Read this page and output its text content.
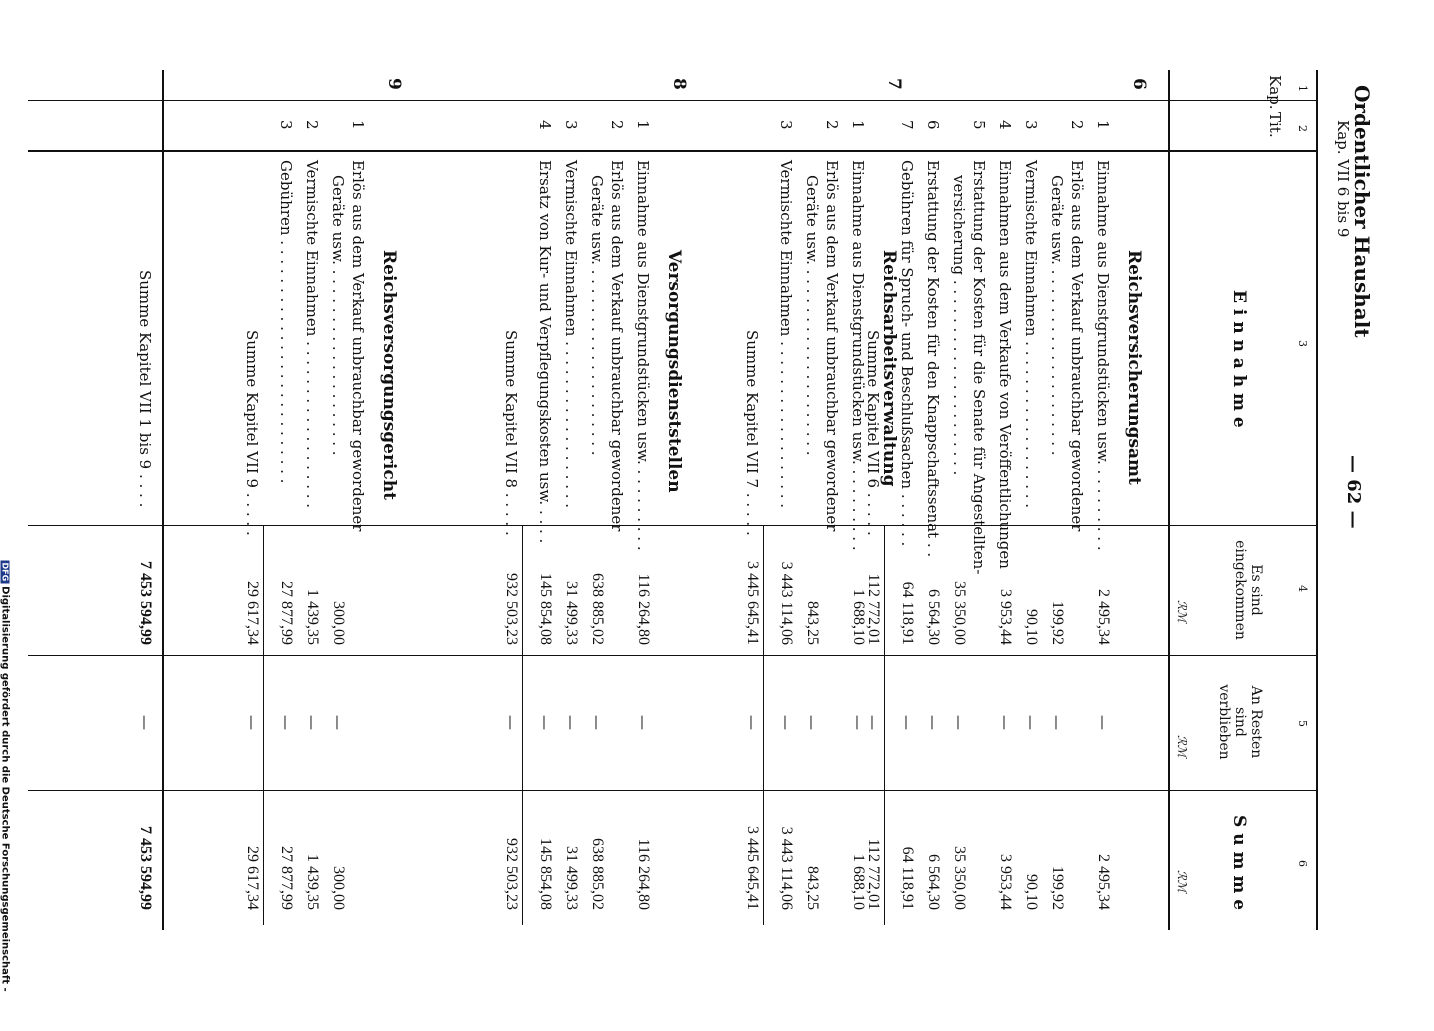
Ordentlicher Haushalt
Kap. VII 6 bis 9
— 62 —
1
2
3
4
5
6
Kap.
Tit.
E i n n a h m e
Es sind eingekommen
An Resten sind verblieben
S u m m e
ℛℳ
ℛℳ
ℛℳ
6
Reichsversicherungsamt
1
Einnahme aus Dienstgrundstücken usw. . . . . . . . . .
2 495,34
—
2 495,34
2
Erlös aus dem Verkauf unbrauchbar gewordener
Geräte usw. . . . . . . . . . . . . . . . . . . . .
199,92
—
199,92
3
Vermischte Einnahmen . . . . . . . . . . . . . . . . . .
90,10
—
90,10
4
Einnahmen aus dem Verkaufe von Veröffentlichungen
3 953,44
—
3 953,44
5
Erstattung der Kosten für die Senate für Angestellten-
versicherung . . . . . . . . . . . . . . . . . . . . .
35 350,00
—
35 350,00
6
Erstattung der Kosten für den Knappschaftssenat . .
6 564,30
—
6 564,30
7
Gebühren für Spruch- und Beschlußsachen . . . . . .
64 118,91
—
64 118,91
Summe Kapitel VII 6 . . . . .
112 772,01
—
112 772,01
7
Reichsarbeitsverwaltung
1
Einnahme aus Dienstgrundstücken usw. . . . . . . . . .
1 688,10
—
1 688,10
2
Erlös aus dem Verkauf unbrauchbar gewordener
Geräte usw. . . . . . . . . . . . . . . . . . . . .
843,25
—
843,25
3
Vermischte Einnahmen . . . . . . . . . . . . . . . . . .
3 443 114,06
—
3 443 114,06
Summe Kapitel VII 7 . . . . .
3 445 645,41
—
3 445 645,41
8
Versorgungsdienststellen
1
Einnahme aus Dienstgrundstücken usw. . . . . . . . . .
116 264,80
—
116 264,80
2
Erlös aus dem Verkauf unbrauchbar gewordener
Geräte usw. . . . . . . . . . . . . . . . . . . . .
638 885,02
—
638 885,02
3
Vermischte Einnahmen . . . . . . . . . . . . . . . . . .
31 499,33
—
31 499,33
4
Ersatz von Kur- und Verpflegungskosten usw. . . . .
145 854,08
—
145 854,08
Summe Kapitel VII 8 . . . . .
932 503,23
—
932 503,23
9
Reichsversorgungsgericht
1
Erlös aus dem Verkauf unbrauchbar gewordener
Geräte usw. . . . . . . . . . . . . . . . . . . . .
300,00
—
300,00
2
Vermischte Einnahmen . . . . . . . . . . . . . . . . . .
1 439,35
—
1 439,35
3
Gebühren . . . . . . . . . . . . . . . . . . . . . . . . . .
27 877,99
—
27 877,99
Summe Kapitel VII 9 . . . . .
29 617,34
—
29 617,34
Summe Kapitel VII 1 bis 9 . . . .
7 453 594,99
—
7 453 594,99
DFGDigitalisierung gefördert durch die Deutsche Forschungsgemeinschaft -
